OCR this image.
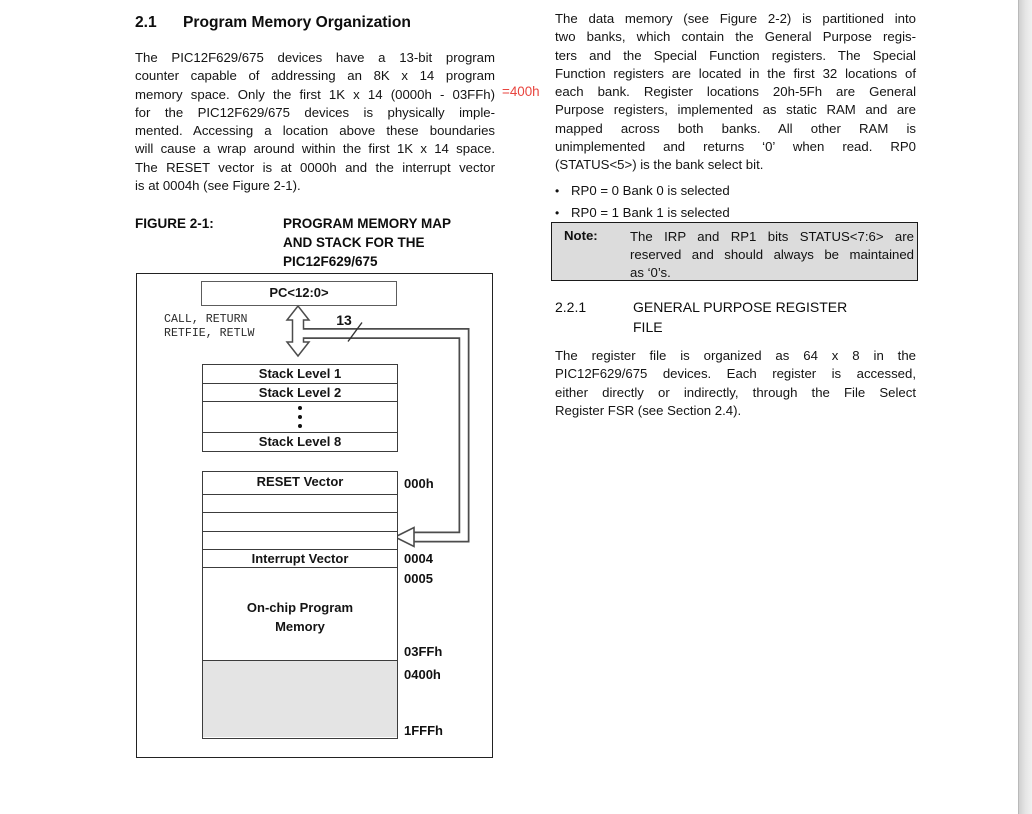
2.1 Program Memory Organization
The PIC12F629/675 devices have a 13-bit program
counter capable of addressing an 8K x 14 program
memory space. Only the first 1K x 14 (0000h - 03FFh)
for the PIC12F629/675 devices is physically imple-
mented. Accessing a location above these boundaries
will cause a wrap around within the first 1K x 14 space.
The RESET vector is at 0000h and the interrupt vector
is at 0004h (see Figure 2-1).
=400h
FIGURE 2-1:	PROGRAM MEMORY MAP
AND STACK FOR THE
PIC12F629/675
PC<12:0>
CALL, RETURN
RETFIE, RETLW
13
Stack Level 1
Stack Level 2
Stack Level 8
RESET Vector
Interrupt Vector
On-chip Program
Memory
000h
0004
0005
03FFh
0400h
1FFFh
The data memory (see Figure 2-2) is partitioned into
two banks, which contain the General Purpose regis-
ters and the Special Function registers. The Special
Function registers are located in the first 32 locations of
each bank. Register locations 20h-5Fh are General
Purpose registers, implemented as static RAM and are
mapped across both banks. All other RAM is
unimplemented and returns ‘0’ when read. RP0
(STATUS<5>) is the bank select bit.
• RP0 = 0 Bank 0 is selected
• RP0 = 1 Bank 1 is selected
Note: The IRP and RP1 bits STATUS<7:6> are
reserved and should always be maintained
as ‘0’s.
2.2.1	GENERAL PURPOSE REGISTER
FILE
The register file is organized as 64 x 8 in the
PIC12F629/675 devices. Each register is accessed,
either directly or indirectly, through the File Select
Register FSR (see Section 2.4).
